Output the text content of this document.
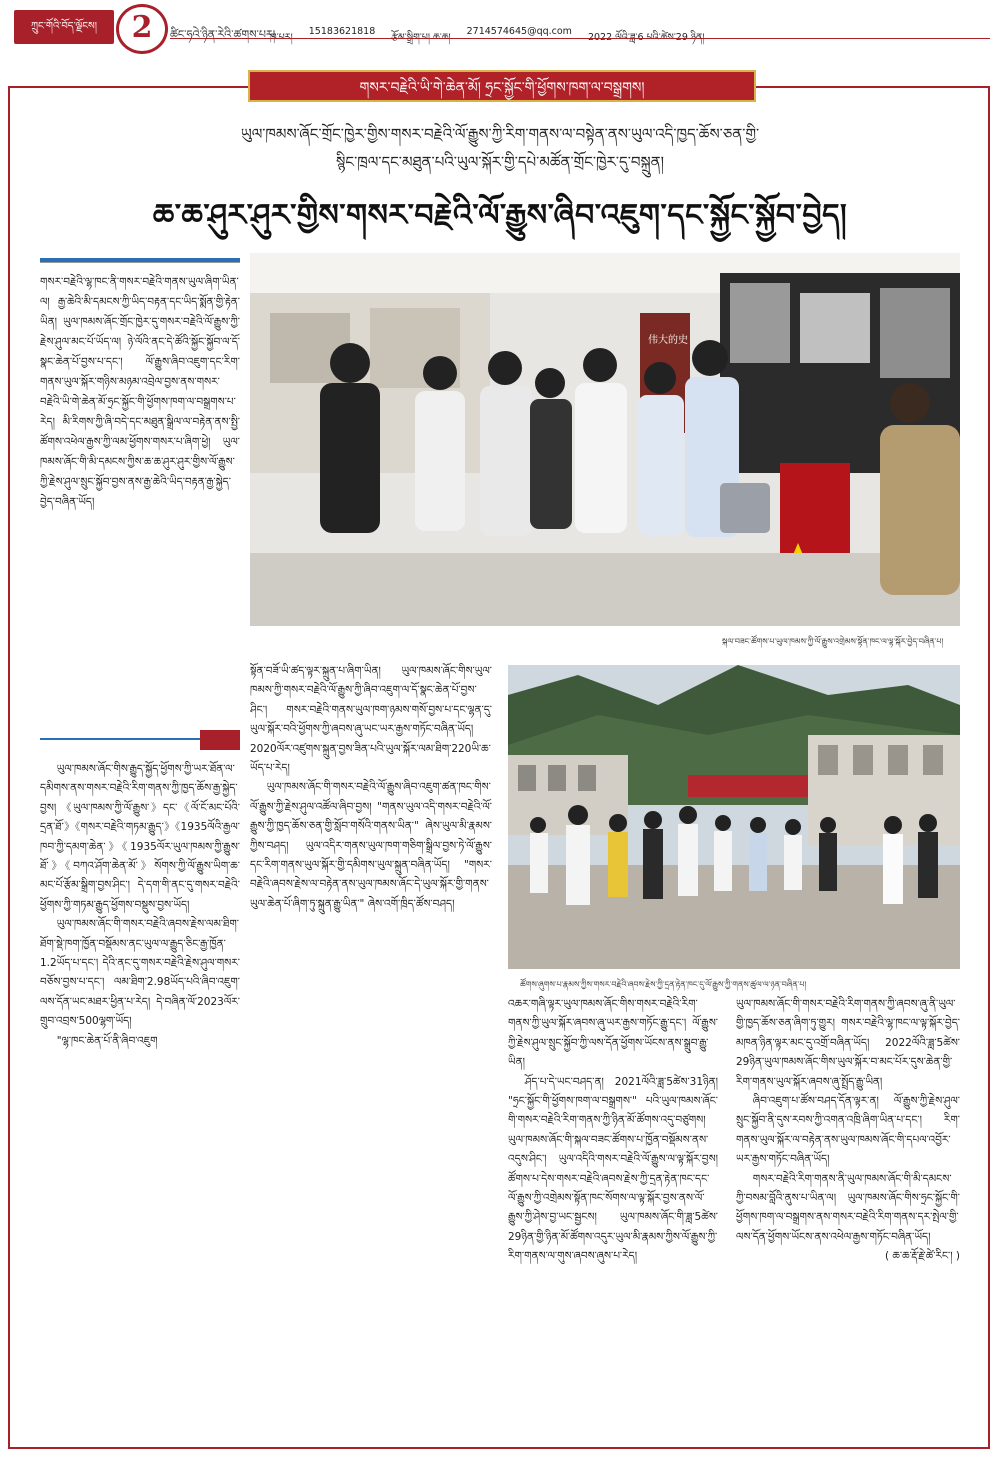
ཀྲུང་གོའི་བོད་ལྗོངས།	2	ཚིང་ཧའེ་ཉིན་རེའི་ཚགས་པར།
ཁ་པར།
15183621818
རྩོམ་སྒྲིག་པ། ཆ་ཆ།
2714574645@qq.com
2022 ལོའི་ཟླ་6 པའི་ཚེས་29 ཉིན།
གསར་བརྗེའི་ཡི་གེ་ཆེན་མོ། ཧྲང་སྐྱོང་གི་ཕྱོགས་ཁག་ལ་བསྒྲགས།
ཡུལ་ཁམས་ཞོང་གྲོང་ཁྱེར་གྱིས་གསར་བརྗེའི་ལོ་རྒྱུས་ཀྱི་རིག་གནས་ལ་བསྟེན་ནས་ཡུལ་འདི་ཁྱད་ཆོས་ཅན་གྱི་
སྙིང་ཁྲལ་དང་མཐུན་པའི་ཡུལ་སྐོར་གྱི་དཔེ་མཚོན་གྲོང་ཁྱེར་དུ་བསྐྲུན།
ཆ་ཆ་ཤུར་ཤུར་གྱིས་གསར་བརྗེའི་ལོ་རྒྱུས་ཞིབ་འཇུག་དང་སྐྱོང་སྐྱོབ་བྱེད།
གསར་བརྗེའི་ལྷ་ཁང་ནི་གསར་བརྗེའི་གནས་ཡུལ་ཞིག་ཡིན་ལ། རྒྱ་ཆེའི་མི་དམངས་ཀྱི་ཡིད་བརྟན་དང་ཡིད་སྨོན་གྱི་རྟེན་ཡིན། ཡུལ་ཁམས་ཞོང་གྲོང་ཁྱེར་དུ་གསར་བརྗེའི་ལོ་རྒྱུས་ཀྱི་རྗེས་ཤུལ་མང་པོ་ཡོད་ལ། ཉེ་ལོའི་ནང་དེ་ཚོའི་སྐྱོང་སྐྱོབ་ལ་དོ་སྣང་ཆེན་པོ་བྱས་པ་དང་། ལོ་རྒྱུས་ཞིབ་འཇུག་དང་རིག་གནས་ཡུལ་སྐོར་གཉིས་མཉམ་འབྲེལ་བྱས་ནས་གསར་བརྗེའི་ཡི་གེ་ཆེན་མོ་ཧྲང་སྐྱོང་གི་ཕྱོགས་ཁག་ལ་བསྒྲགས་པ་རེད། མི་རིགས་ཀྱི་ཞི་བདེ་དང་མཐུན་སྒྲིལ་ལ་བརྟེན་ནས་སྤྱི་ཚོགས་འཕེལ་རྒྱས་ཀྱི་ལམ་ཕྱོགས་གསར་པ་ཞིག་ཕྱེ། ཡུལ་ཁམས་ཞོང་གི་མི་དམངས་ཀྱིས་ཆ་ཆ་ཤུར་ཤུར་གྱིས་ལོ་རྒྱུས་ཀྱི་རྗེས་ཤུལ་སྲུང་སྐྱོབ་བྱས་ནས་རྒྱ་ཆེའི་ཡིད་བརྟན་རྒྱ་སྐྱེད་བྱེད་བཞིན་ཡོད།
伟大的史
སྐལ་བཟང་ཚོགས་པ་ཡུལ་ཁམས་ཀྱི་ལོ་རྒྱུས་འགྲེམས་སྟོན་ཁང་ལ་ལྟ་སྐོར་བྱེད་བཞིན་པ།
ཚོགས་ཞུགས་པ་རྣམས་ཀྱིས་གསར་བརྗེའི་ཞབས་རྗེས་ཀྱི་དྲན་རྟེན་ཁང་དུ་ལོ་རྒྱུས་ཀྱི་གནས་ཚུལ་ལ་ཉན་བཞིན་པ།

ཡུལ་ཁམས་ཞོང་གིས་རྒྱུད་སྐྱོད་ཕྱོགས་ཀྱི་ཡར་ཐོན་ལ་དམིགས་ནས་གསར་བརྗེའི་རིག་གནས་ཀྱི་ཁྱད་ཆོས་རྒྱ་སྐྱེད་བྱས། 《ཡུལ་ཁམས་ཀྱི་ལོ་རྒྱུས་》དང་《ལོ་ངོ་མང་པོའི་དྲན་ཐོ་》《གསར་བརྗེའི་གཏམ་རྒྱུད་》《1935ལོའི་རྒྱལ་ཁབ་ཀྱི་དམག་ཆེན་》《1935ལོར་ཡུལ་ཁམས་ཀྱི་རྒྱུས་ཐོ་》《བཀའ་ཤོག་ཆེན་མོ་》སོགས་ཀྱི་ལོ་རྒྱུས་ཡིག་ཆ་མང་པོ་རྩོམ་སྒྲིག་བྱས་ཤིང་། དེ་དག་གི་ནང་དུ་གསར་བརྗེའི་ཕྱོགས་ཀྱི་གཏམ་རྒྱུད་ཕྱོགས་བསྡུས་བྱས་ཡོད།

ཡུལ་ཁམས་ཞོང་གི་གསར་བརྗེའི་ཞབས་རྗེས་ལམ་ཐིག་ཐོག་སྡེ་ཁག་ཁྱོན་བསྡོམས་ནང་ཡུལ་ལ་རྒྱུད་ཅིང་རྒྱ་ཁྱོན་1.2ཡོད་པ་དང་། དེའི་ནང་དུ་གསར་བརྗེའི་རྗེས་ཤུལ་གསར་བཅོས་བྱས་པ་དང་། ལམ་ཐིག་2.98ཡོད་པའི་ཞིབ་འཇུག་ལས་དོན་ཡང་མཐར་ཕྱིན་པ་རེད། དེ་བཞིན་ལོ་2023ལོར་གྲུབ་འབྲས་500ལྷག་ཡོད།

"ལྷ་ཁང་ཆེན་པོ་ནི་ཞིབ་འཇུག

སྟོན་བཟོ་ཡི་ཚད་ལྟར་སྐྲུན་པ་ཞིག་ཡིན། ཡུལ་ཁམས་ཞོང་གིས་ཡུལ་ཁམས་ཀྱི་གསར་བརྗེའི་ལོ་རྒྱུས་ཀྱི་ཞིབ་འཇུག་ལ་དོ་སྣང་ཆེན་པོ་བྱས་ཤིང་། གསར་བརྗེའི་གནས་ཡུལ་ཁག་ཉམས་གསོ་བྱས་པ་དང་ལྷན་དུ་ཡུལ་སྐོར་བའི་ཕྱོགས་ཀྱི་ཞབས་ཞུ་ཡང་ཡར་རྒྱས་གཏོང་བཞིན་ཡོད། 2020ལོར་འཛུགས་སྐྲུན་བྱས་ཟིན་པའི་ཡུལ་སྐོར་ལམ་ཐིག་220ཡི་ཆ་ཡོད་པ་རེད།

ཡུལ་ཁམས་ཞོང་གི་གསར་བརྗེའི་ལོ་རྒྱུས་ཞིབ་འཇུག་ཚན་ཁང་གིས་ལོ་རྒྱུས་ཀྱི་རྗེས་ཤུལ་འཚོལ་ཞིབ་བྱས། "གནས་ཡུལ་འདི་གསར་བརྗེའི་ལོ་རྒྱུས་ཀྱི་ཁྱད་ཆོས་ཅན་གྱི་སློབ་གསོའི་གནས་ཡིན་" ཞེས་ཡུལ་མི་རྣམས་ཀྱིས་བཤད། ཡུལ་འདིར་གནས་ཡུལ་ཁག་གཅིག་སྒྲིལ་བྱས་ཏེ་ལོ་རྒྱུས་དང་རིག་གནས་ཡུལ་སྐོར་གྱི་དམིགས་ཡུལ་སྐྲུན་བཞིན་ཡོད། "གསར་བརྗེའི་ཞབས་རྗེས་ལ་བརྟེན་ནས་ཡུལ་ཁམས་ཞོང་དེ་ཡུལ་སྐོར་གྱི་གནས་ཡུལ་ཆེན་པོ་ཞིག་ཏུ་སྐྲུན་རྒྱུ་ཡིན་" ཞེས་འགོ་ཁྲིད་ཚོས་བཤད།

འཆར་གཞི་ལྟར་ཡུལ་ཁམས་ཞོང་གིས་གསར་བརྗེའི་རིག་གནས་ཀྱི་ཡུལ་སྐོར་ཞབས་ཞུ་ཡར་རྒྱས་གཏོང་རྒྱུ་དང་། ལོ་རྒྱུས་ཀྱི་རྗེས་ཤུལ་སྲུང་སྐྱོབ་ཀྱི་ལས་དོན་ཕྱོགས་ཡོངས་ནས་སྒྲུབ་རྒྱུ་ཡིན།

ཤོད་པ་དེ་ཡང་བཤད་ན། 2021ལོའི་ཟླ་5ཚེས་31ཉིན། "ཧྲང་སྐྱོང་གི་ཕྱོགས་ཁག་ལ་བསྒྲགས་" པའི་ཡུལ་ཁམས་ཞོང་གི་གསར་བརྗེའི་རིག་གནས་ཀྱི་ཉིན་མོ་ཚོགས་འདུ་བཙུགས། ཡུལ་ཁམས་ཞོང་གི་སྐལ་བཟང་ཚོགས་པ་ཁྱོན་བསྡོམས་ནས་འདུས་ཤིང་། ཡུལ་འདིའི་གསར་བརྗེའི་ལོ་རྒྱུས་ལ་ལྟ་སྐོར་བྱས། ཚོགས་པ་དེས་གསར་བརྗེའི་ཞབས་རྗེས་ཀྱི་དྲན་རྟེན་ཁང་དང་ལོ་རྒྱུས་ཀྱི་འགྲེམས་སྟོན་ཁང་སོགས་ལ་ལྟ་སྐོར་བྱས་ནས་ལོ་རྒྱུས་ཀྱི་ཤེས་བྱ་ཡང་སྦྱངས། ཡུལ་ཁམས་ཞོང་གི་ཟླ་5ཚེས་29ཉིན་གྱི་ཉིན་མོ་ཚོགས་འདུར་ཡུལ་མི་རྣམས་ཀྱིས་ལོ་རྒྱུས་ཀྱི་རིག་གནས་ལ་གུས་ཞབས་ཞུས་པ་རེད།

ཡུལ་ཁམས་ཞོང་གི་གསར་བརྗེའི་རིག་གནས་ཀྱི་ཞབས་ཞུ་ནི་ཡུལ་གྱི་ཁྱད་ཆོས་ཅན་ཞིག་ཏུ་གྱུར། གསར་བརྗེའི་ལྷ་ཁང་ལ་ལྟ་སྐོར་བྱེད་མཁན་ཉིན་ལྟར་མང་དུ་འགྲོ་བཞིན་ཡོད། 2022ལོའི་ཟླ་5ཚེས་29ཉིན་ཡུལ་ཁམས་ཞོང་གིས་ཡུལ་སྐོར་བ་མང་པོར་དུས་ཆེན་གྱི་རིག་གནས་ཡུལ་སྐོར་ཞབས་ཞུ་སྤྲོད་རྒྱུ་ཡིན།

ཞིབ་འཇུག་པ་ཚོས་བཤད་དོན་ལྟར་ན། ལོ་རྒྱུས་ཀྱི་རྗེས་ཤུལ་སྲུང་སྐྱོབ་ནི་དུས་རབས་ཀྱི་འགན་འཁྲི་ཞིག་ཡིན་པ་དང་། རིག་གནས་ཡུལ་སྐོར་ལ་བརྟེན་ནས་ཡུལ་ཁམས་ཞོང་གི་དཔལ་འབྱོར་ཡར་རྒྱས་གཏོང་བཞིན་ཡོད།

གསར་བརྗེའི་རིག་གནས་ནི་ཡུལ་ཁམས་ཞོང་གི་མི་དམངས་ཀྱི་བསམ་བློའི་ནུས་པ་ཡིན་ལ། ཡུལ་ཁམས་ཞོང་གིས་ཧྲང་སྐྱོང་གི་ཕྱོགས་ཁག་ལ་བསྒྲགས་ནས་གསར་བརྗེའི་རིག་གནས་དར་སྤེལ་གྱི་ལས་དོན་ཕྱོགས་ཡོངས་ནས་འཕེལ་རྒྱས་གཏོང་བཞིན་ཡོད།

( ཆ་ཆ་རྡོ་རྗེ་ཚེ་རིང་། )
